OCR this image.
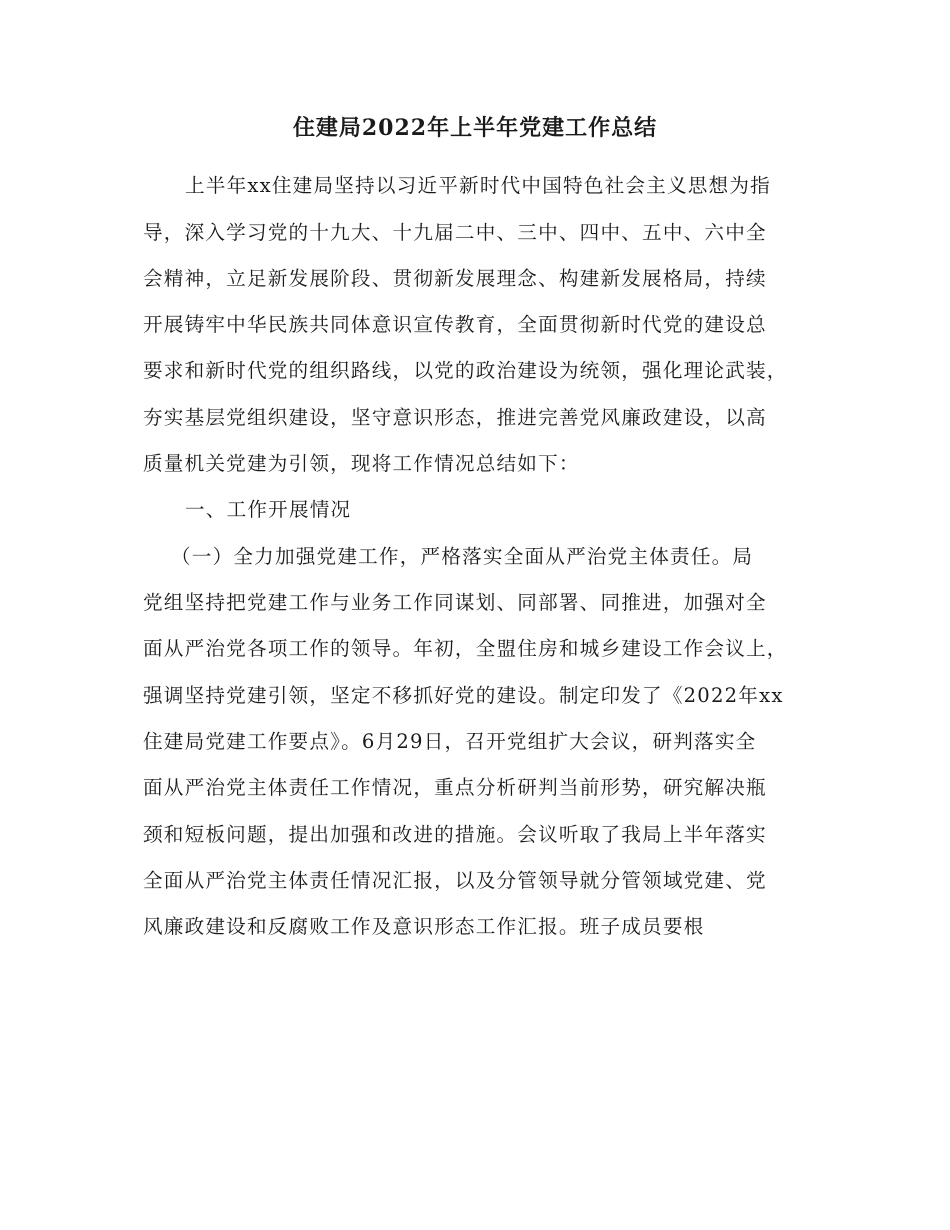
住建局2022年上半年党建工作总结
上半年xx住建局坚持以习近平新时代中国特色社会主义思想为指
导，深入学习党的十九大、十九届二中、三中、四中、五中、六中全
会精神，立足新发展阶段、贯彻新发展理念、构建新发展格局，持续
开展铸牢中华民族共同体意识宣传教育，全面贯彻新时代党的建设总
要求和新时代党的组织路线，以党的政治建设为统领，强化理论武装，
夯实基层党组织建设，坚守意识形态，推进完善党风廉政建设，以高
质量机关党建为引领，现将工作情况总结如下：
一、工作开展情况
（一）全力加强党建工作，严格落实全面从严治党主体责任。局
党组坚持把党建工作与业务工作同谋划、同部署、同推进，加强对全
面从严治党各项工作的领导。年初，全盟住房和城乡建设工作会议上，
强调坚持党建引领，坚定不移抓好党的建设。制定印发了《2022年xx
住建局党建工作要点》。6月29日，召开党组扩大会议，研判落实全
面从严治党主体责任工作情况，重点分析研判当前形势，研究解决瓶
颈和短板问题，提出加强和改进的措施。会议听取了我局上半年落实
全面从严治党主体责任情况汇报，以及分管领导就分管领域党建、党
风廉政建设和反腐败工作及意识形态工作汇报。班子成员要根
